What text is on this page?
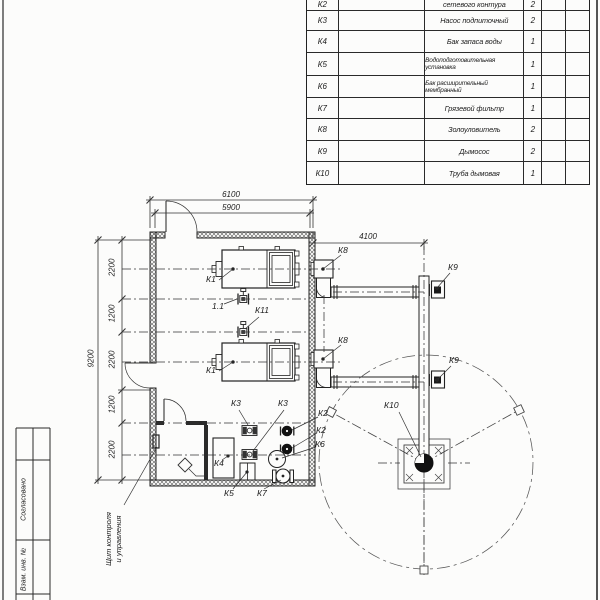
К2	сетевого контура	2
К3	Насос подпиточный	2
К4	Бак запаса воды	1
К5	Водоподготовительная установка	1
К6	Бак расширительный мембранный	1
К7	Грязевой фильтр	1
К8	Золоуловитель	2
К9	Дымосос	2
К10	Труба дымовая	1
6100
5900
4100
9200
2200
1200
2200
1200
2200
К1
К1
1.1	К11
К8
К8
К9
К9
К10
К3	К3
К2
К2
К6
К4
К5	К7
Щит контроля и управления
Согласовано
Взам. инв. №
